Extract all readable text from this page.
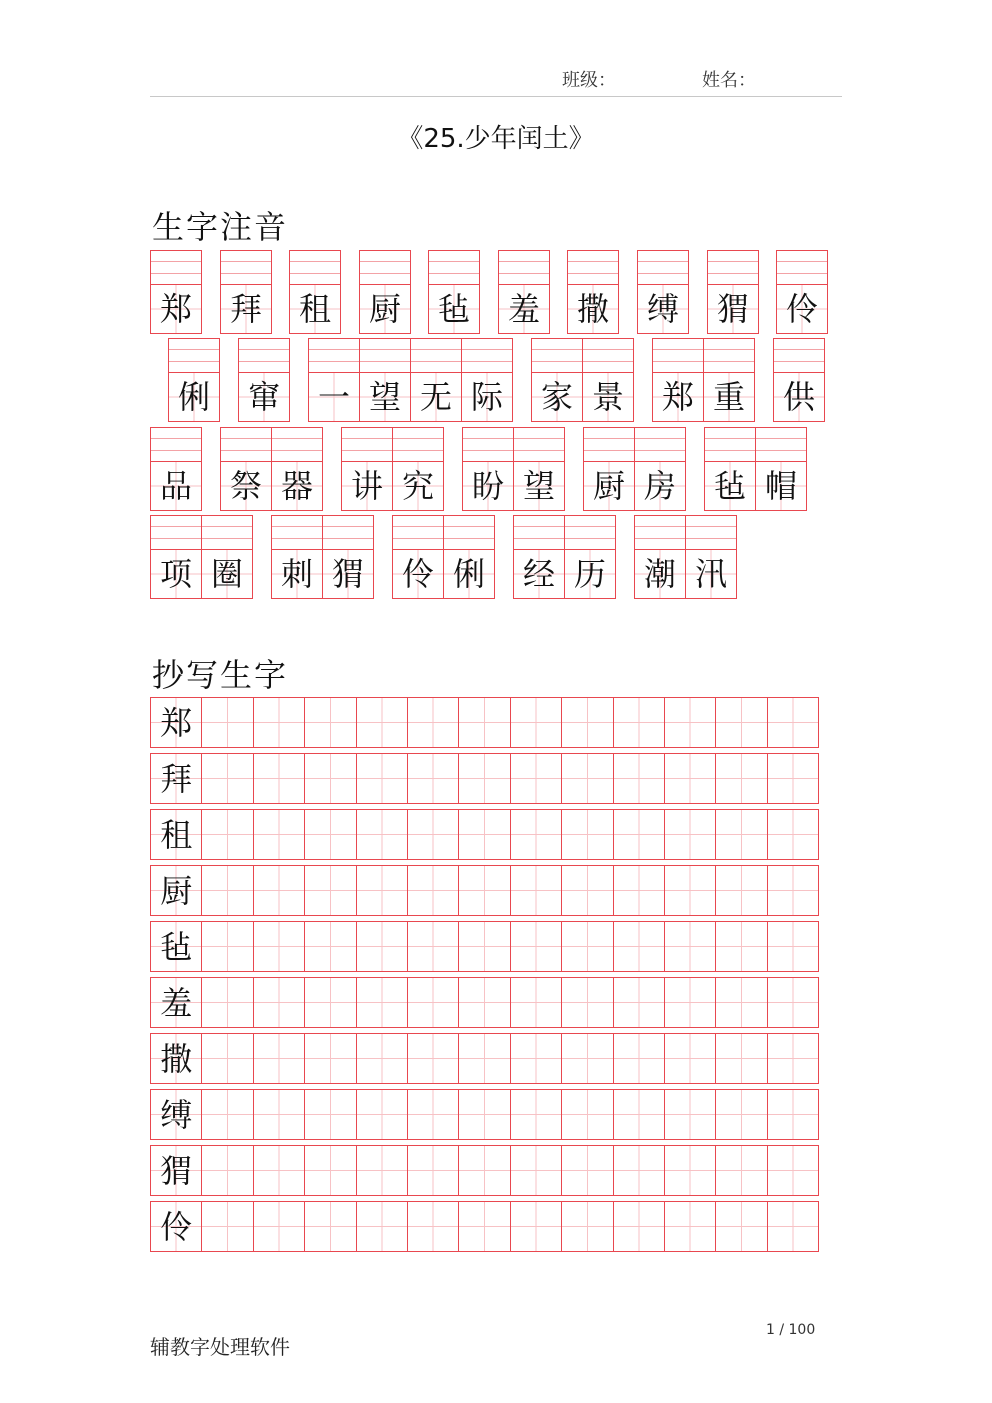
班级：	姓名：
《25.少年闰土》
生字注音
郑 拜 租 厨 毡 羞 撒 缚 猬 伶
俐 窜 一 望 无 际 家 景 郑 重 供
品 祭 器 讲 究 盼 望 厨 房 毡 帽
项 圈 刺 猬 伶 俐 经 历 潮 汛
抄写生字
郑
拜
租
厨
毡
羞
撒
缚
猬
伶
辅教字处理软件
1 / 100
